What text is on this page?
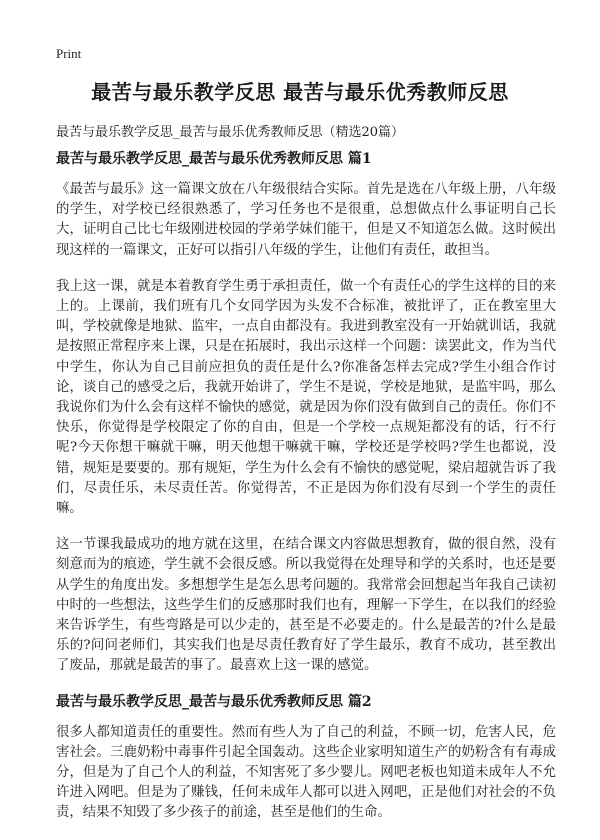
Print
最苦与最乐教学反思 最苦与最乐优秀教师反思

最苦与最乐教学反思_最苦与最乐优秀教师反思（精选20篇）

最苦与最乐教学反思_最苦与最乐优秀教师反思 篇1

《最苦与最乐》这一篇课文放在八年级很结合实际。首先是选在八年级上册，八年级的学生，对学校已经很熟悉了，学习任务也不是很重，总想做点什么事证明自己长大，证明自己比七年级刚进校园的学弟学妹们能干，但是又不知道怎么做。这时候出现这样的一篇课文，正好可以指引八年级的学生，让他们有责任，敢担当。

我上这一课，就是本着教育学生勇于承担责任，做一个有责任心的学生这样的目的来上的。上课前，我们班有几个女同学因为头发不合标准，被批评了，正在教室里大叫，学校就像是地狱、监牢，一点自由都没有。我进到教室没有一开始就训话，我就是按照正常程序来上课，只是在拓展时，我出示这样一个问题：读罢此文，作为当代中学生，你认为自己目前应担负的责任是什么?你准备怎样去完成?学生小组合作讨论，谈自己的感受之后，我就开始讲了，学生不是说，学校是地狱，是监牢吗，那么我说你们为什么会有这样不愉快的感觉，就是因为你们没有做到自己的责任。你们不快乐，你觉得是学校限定了你的自由，但是一个学校一点规矩都没有的话，行不行呢?今天你想干嘛就干嘛，明天他想干嘛就干嘛，学校还是学校吗?学生也都说，没错，规矩是要要的。那有规矩，学生为什么会有不愉快的感觉呢，梁启超就告诉了我们，尽责任乐，未尽责任苦。你觉得苦，不正是因为你们没有尽到一个学生的责任嘛。

这一节课我最成功的地方就在这里，在结合课文内容做思想教育，做的很自然，没有刻意而为的痕迹，学生就不会很反感。所以我觉得在处理导和学的关系时，也还是要从学生的角度出发。多想想学生是怎么思考问题的。我常常会回想起当年我自己读初中时的一些想法，这些学生们的反感那时我们也有，理解一下学生，在以我们的经验来告诉学生，有些弯路是可以少走的，甚至是不必要走的。什么是最苦的?什么是最乐的?问问老师们，其实我们也是尽责任教育好了学生最乐，教育不成功，甚至教出了废品，那就是最苦的事了。最喜欢上这一课的感觉。

最苦与最乐教学反思_最苦与最乐优秀教师反思 篇2

很多人都知道责任的重要性。然而有些人为了自己的利益，不顾一切，危害人民，危害社会。三鹿奶粉中毒事件引起全国轰动。这些企业家明知道生产的奶粉含有有毒成分，但是为了自己个人的利益，不知害死了多少婴儿。网吧老板也知道未成年人不允许进入网吧。但是为了赚钱，任何未成年人都可以进入网吧，正是他们对社会的不负责，结果不知毁了多少孩子的前途，甚至是他们的生命。
